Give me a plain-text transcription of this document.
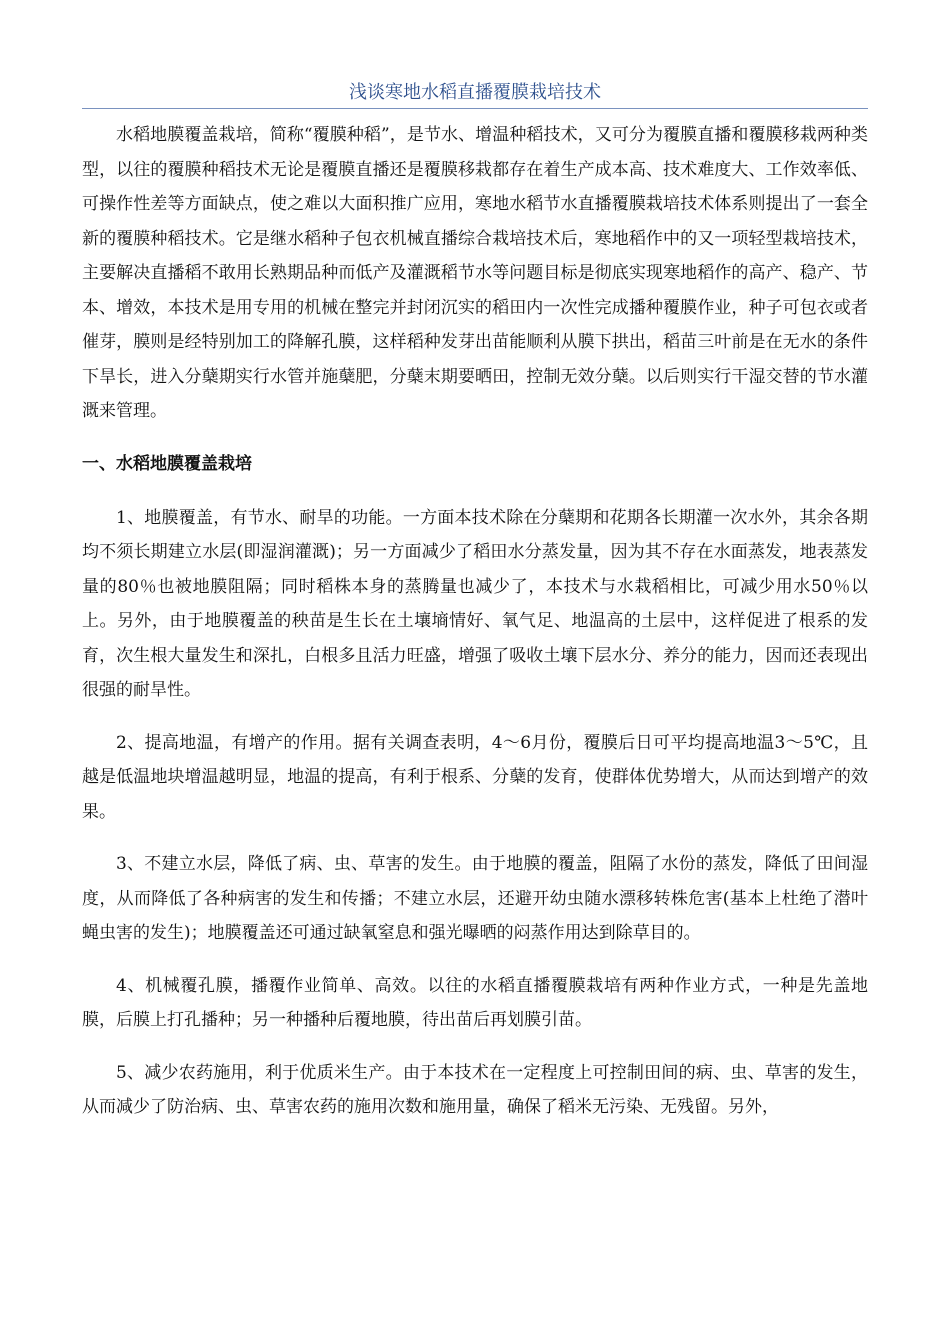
浅谈寒地水稻直播覆膜栽培技术

水稻地膜覆盖栽培，简称“覆膜种稻”，是节水、增温种稻技术，又可分为覆膜直播和覆膜移栽两种类型，以往的覆膜种稻技术无论是覆膜直播还是覆膜移栽都存在着生产成本高、技术难度大、工作效率低、可操作性差等方面缺点，使之难以大面积推广应用，寒地水稻节水直播覆膜栽培技术体系则提出了一套全新的覆膜种稻技术。它是继水稻种子包衣机械直播综合栽培技术后，寒地稻作中的又一项轻型栽培技术，主要解决直播稻不敢用长熟期品种而低产及灌溉稻节水等问题目标是彻底实现寒地稻作的高产、稳产、节本、增效，本技术是用专用的机械在整完并封闭沉实的稻田内一次性完成播种覆膜作业，种子可包衣或者催芽，膜则是经特别加工的降解孔膜，这样稻种发芽出苗能顺利从膜下拱出，稻苗三叶前是在无水的条件下旱长，进入分蘖期实行水管并施蘖肥，分蘖末期要晒田，控制无效分蘖。以后则实行干湿交替的节水灌溉来管理。

一、水稻地膜覆盖栽培

1、地膜覆盖，有节水、耐旱的功能。一方面本技术除在分蘖期和花期各长期灌一次水外，其余各期均不须长期建立水层(即湿润灌溉)；另一方面减少了稻田水分蒸发量，因为其不存在水面蒸发，地表蒸发量的80％也被地膜阻隔；同时稻株本身的蒸腾量也减少了，本技术与水栽稻相比，可减少用水50％以上。另外，由于地膜覆盖的秧苗是生长在土壤墒情好、氧气足、地温高的土层中，这样促进了根系的发育，次生根大量发生和深扎，白根多且活力旺盛，增强了吸收土壤下层水分、养分的能力，因而还表现出很强的耐旱性。

2、提高地温，有增产的作用。据有关调查表明，4～6月份，覆膜后日可平均提高地温3～5℃，且越是低温地块增温越明显，地温的提高，有利于根系、分蘖的发育，使群体优势增大，从而达到增产的效果。

3、不建立水层，降低了病、虫、草害的发生。由于地膜的覆盖，阻隔了水份的蒸发，降低了田间湿度，从而降低了各种病害的发生和传播；不建立水层，还避开幼虫随水漂移转株危害(基本上杜绝了潜叶蝇虫害的发生)；地膜覆盖还可通过缺氧窒息和强光曝晒的闷蒸作用达到除草目的。

4、机械覆孔膜，播覆作业简单、高效。以往的水稻直播覆膜栽培有两种作业方式，一种是先盖地膜，后膜上打孔播种；另一种播种后覆地膜，待出苗后再划膜引苗。

5、减少农药施用，利于优质米生产。由于本技术在一定程度上可控制田间的病、虫、草害的发生，从而减少了防治病、虫、草害农药的施用次数和施用量，确保了稻米无污染、无残留。另外，
